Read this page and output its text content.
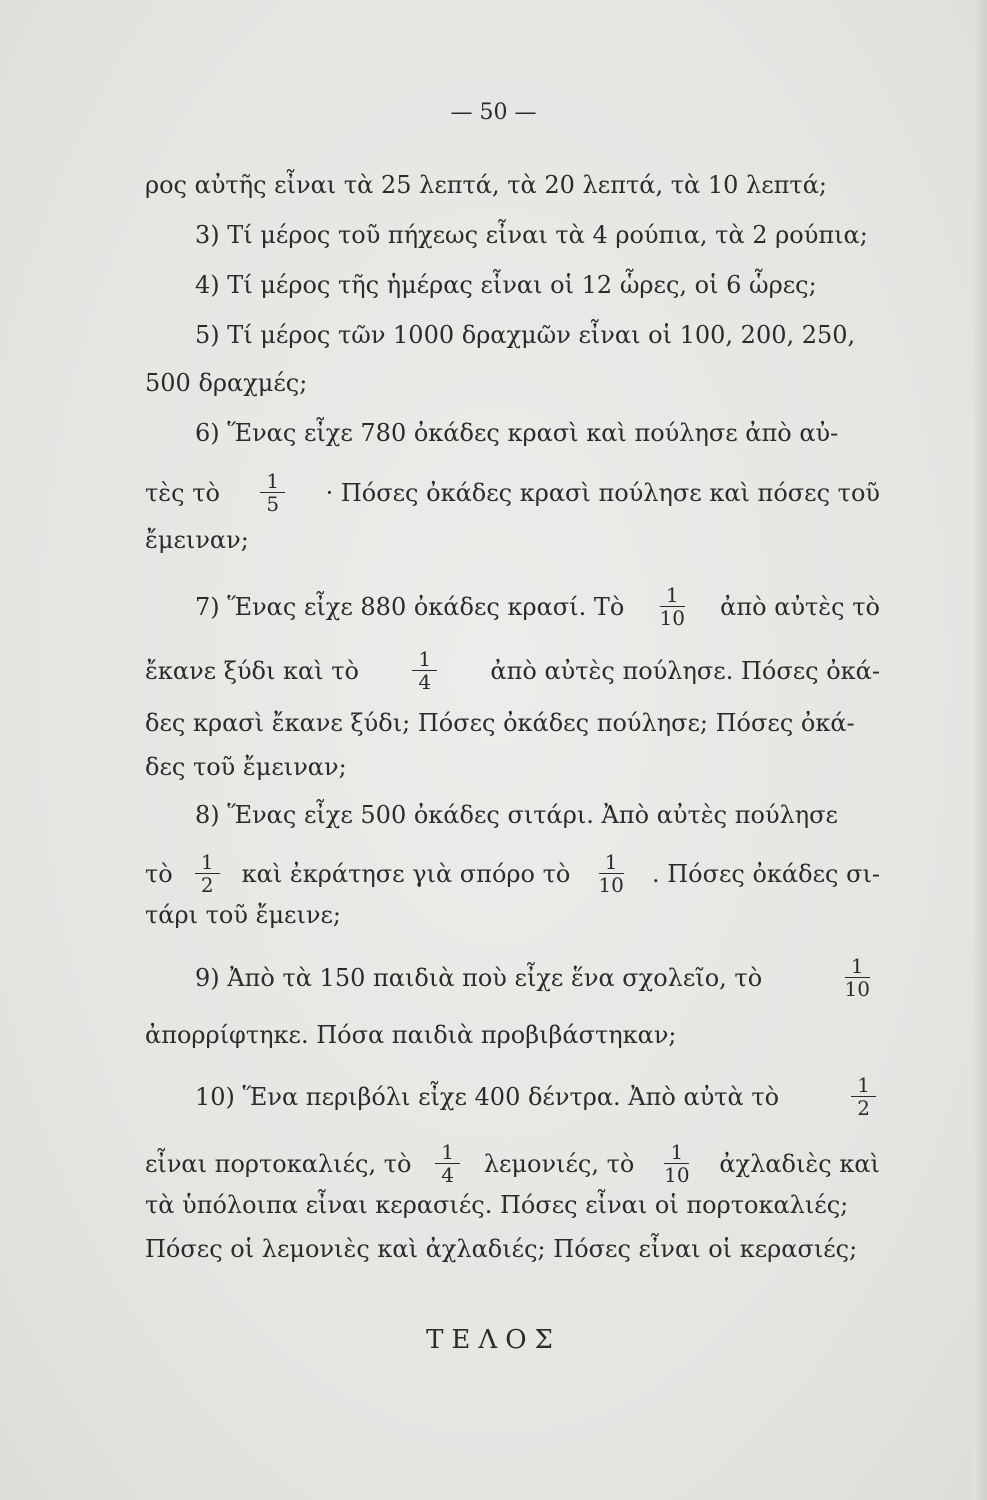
— 50 —
ρος αὐτῆς εἶναι τὰ 25 λεπτά, τὰ 20 λεπτά, τὰ 10 λεπτά;
3) Τί μέρος τοῦ πήχεως εἶναι τὰ 4 ρούπια, τὰ 2 ρούπια;
4) Τί μέρος τῆς ἡμέρας εἶναι οἱ 12 ὧρες, οἱ 6 ὧρες;
5) Τί μέρος τῶν 1000 δραχμῶν εἶναι οἱ 100, 200, 250,
500 δραχμές;
6) Ἕνας εἶχε 780 ὀκάδες κρασὶ καὶ πούλησε ἀπὸ αὐ-
τὲς τὸ $\frac{1}{5} \cdot \Pi ό\sigma\varepsilon\varsigma$ ὀκάδες κρασὶ πούλησε καὶ πόσες τοῦ
ἔμειναν;
7) Ἕνας εἶχε 880 ὀκάδες κρασί. Τὸ $\frac{1}{10}$ ἀπὸ αὐτὲς τὸ
ἔκανε ξύδι καὶ τὸ	$\frac{1}{4}$ ἀπὸ αὐτὲς πούλησε. Πόσες ὀκά-
δες κρασὶ ἔκανε ξύδι; Πόσες ὀκάδες πούλησε; Πόσες ὀκά-
δες τοῦ ἔμειναν;
8) Ἕνας εἶχε 500 ὀκάδες σιτάρι. Ἀπὸ αὐτὲς πούλησε
τὸ $\frac{1}{2}$ καὶ ἐκράτησε γιὰ σπόρο τὸ $\frac{1}{10}$ . Πόσες ὀκάδες σι-
τάρι τοῦ ἔμεινε;
9) Ἀπὸ τὰ 150 παιδιὰ ποὺ εἶχε ἕνα σχολεῖο, τὸ	$\frac{1}{10}$
ἀπορρίφτηκε. Πόσα παιδιὰ προβιβάστηκαν;
10) Ἕνα περιβόλι εἶχε 400 δέντρα. Ἀπὸ αὐτὰ τὸ	$\frac{1}{2}$
εἶναι πορτοκαλιές, τὸ $\frac{1}{4} \lambda\varepsilon\mu o\nu\iota έ\varsigma$, τὸ $\frac{1}{10}$ ἀχλαδιὲς καὶ
τὰ ὑπόλοιπα εἶναι κερασιές. Πόσες εἶναι οἱ πορτοκαλιές;
Πόσες οἱ λεμονιὲς καὶ ἀχλαδιές; Πόσες εἶναι οἱ κερασιές;
ΤΕΛΟΣ
